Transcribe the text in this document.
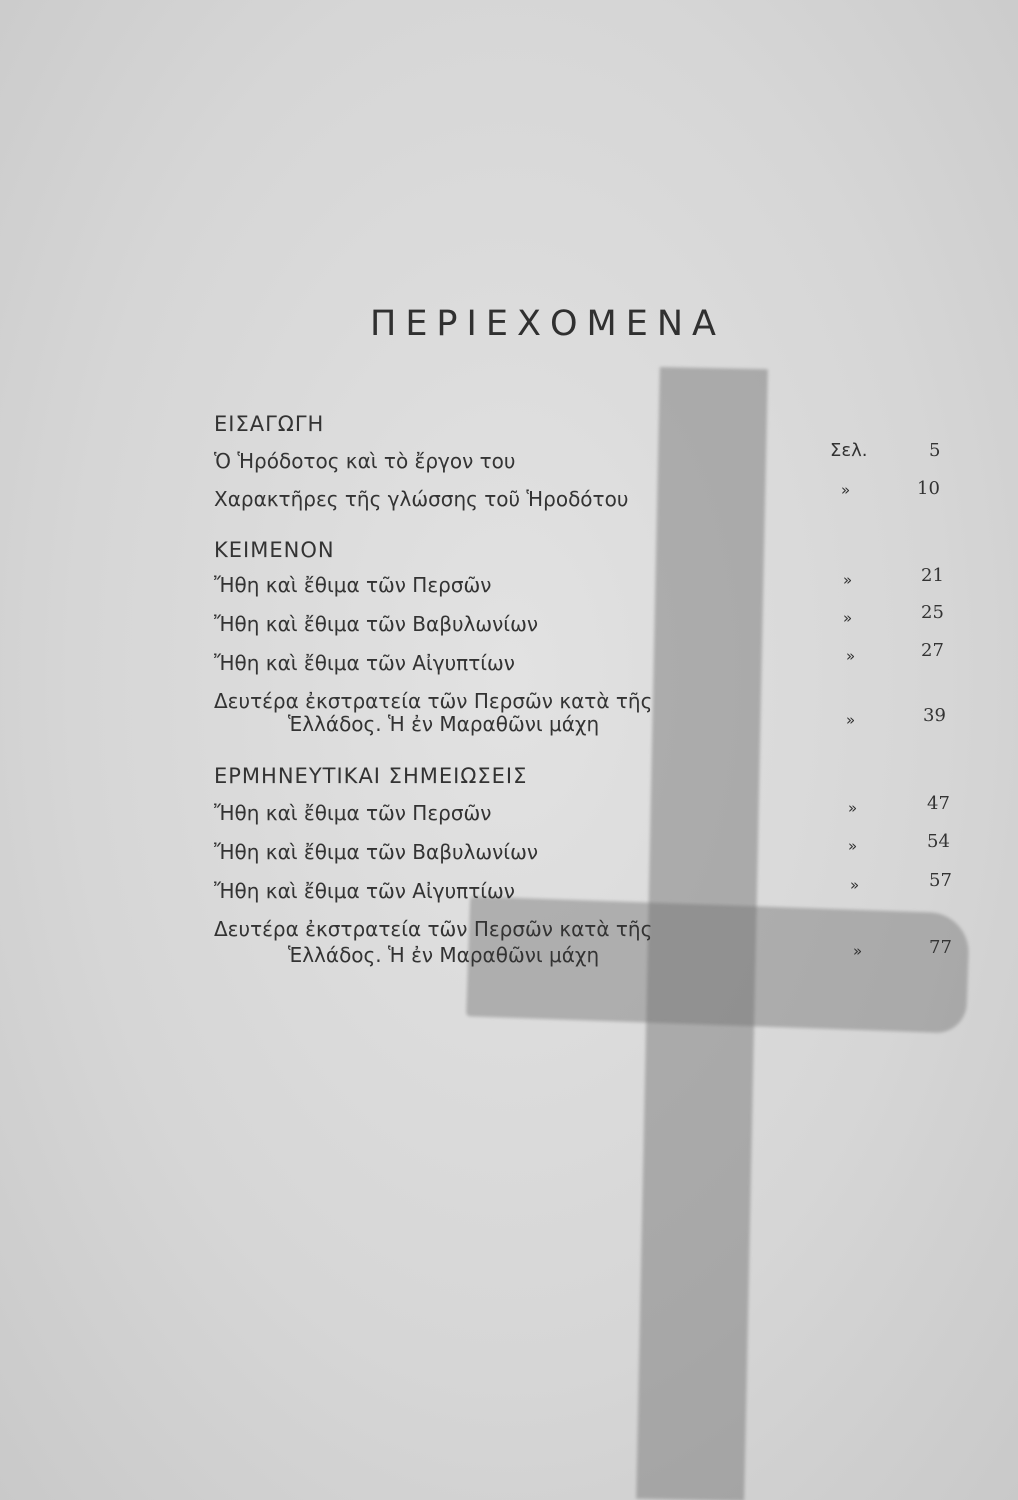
ΠΕΡΙΕΧΟΜΕΝΑ
ΕΙΣΑΓΩΓΗ
Ὁ Ἡρόδοτος καὶ τὸ ἔργον του	Σελ.	5
Χαρακτῆρες τῆς γλώσσης τοῦ Ἡροδότου	»	10
ΚΕΙΜΕΝΟΝ
Ἤθη καὶ ἔθιμα τῶν Περσῶν	»	21
Ἤθη καὶ ἔθιμα τῶν Βαβυλωνίων	»	25
Ἤθη καὶ ἔθιμα τῶν Αἰγυπτίων	»	27
Δευτέρα ἐκστρατεία τῶν Περσῶν κατὰ τῆς
Ἑλλάδος. Ἡ ἐν Μαραθῶνι μάχη	»	39
ΕΡΜΗΝΕΥΤΙΚΑΙ ΣΗΜΕΙΩΣΕΙΣ
Ἤθη καὶ ἔθιμα τῶν Περσῶν	»	47
Ἤθη καὶ ἔθιμα τῶν Βαβυλωνίων	»	54
Ἤθη καὶ ἔθιμα τῶν Αἰγυπτίων	»	57
Δευτέρα ἐκστρατεία τῶν Περσῶν κατὰ τῆς
Ἑλλάδος. Ἡ ἐν Μαραθῶνι μάχη	»	77
